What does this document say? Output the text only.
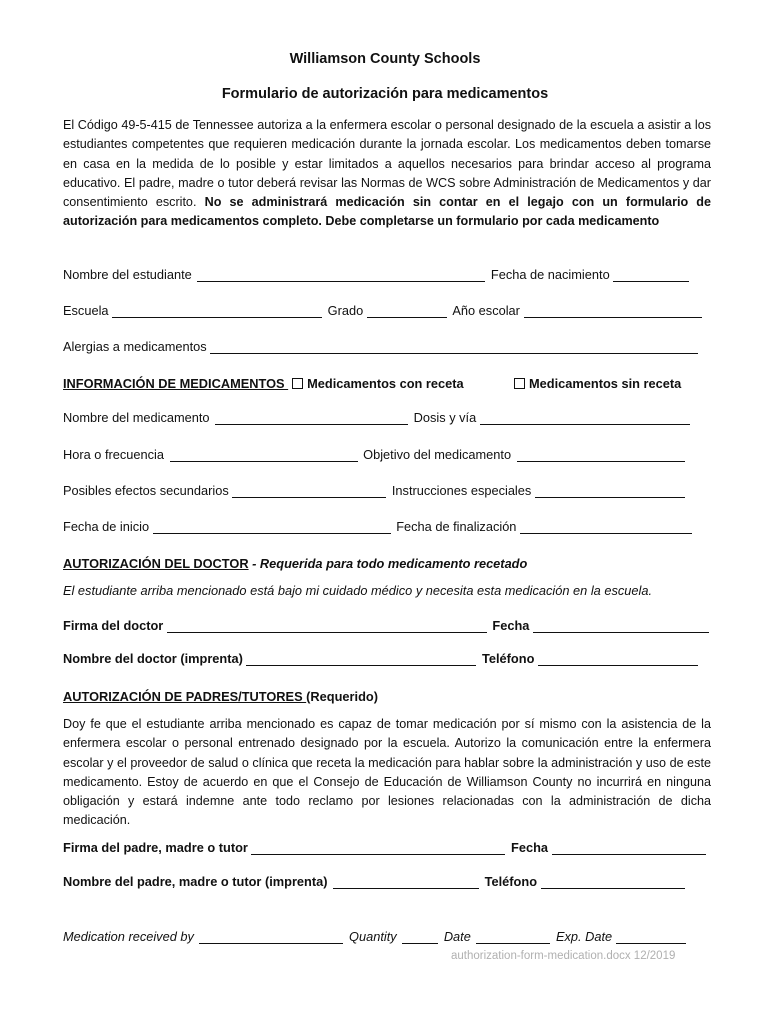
Williamson County Schools
Formulario de autorización para medicamentos
El Código 49-5-415 de Tennessee autoriza a la enfermera escolar o personal designado de la escuela a asistir a los estudiantes competentes que requieren medicación durante la jornada escolar. Los medicamentos deben tomarse en casa en la medida de lo posible y estar limitados a aquellos necesarios para brindar acceso al programa educativo. El padre, madre o tutor deberá revisar las Normas de WCS sobre Administración de Medicamentos y dar consentimiento escrito. No se administrará medicación sin contar en el legajo con un formulario de autorización para medicamentos completo. Debe completarse un formulario por cada medicamento
Nombre del estudiante	Fecha de nacimiento
Escuela	Grado	Año escolar
Alergias a medicamentos
INFORMACIÓN DE MEDICAMENTOS Medicamentos con receta	Medicamentos sin receta
Nombre del medicamento	Dosis y vía
Hora o frecuencia	Objetivo del medicamento
Posibles efectos secundarios	Instrucciones especiales
Fecha de inicio	Fecha de finalización
AUTORIZACIÓN DEL DOCTOR - Requerida para todo medicamento recetado
El estudiante arriba mencionado está bajo mi cuidado médico y necesita esta medicación en la escuela.
Firma del doctor	Fecha
Nombre del doctor (imprenta)	Teléfono
AUTORIZACIÓN DE PADRES/TUTORES (Requerido)
Doy fe que el estudiante arriba mencionado es capaz de tomar medicación por sí mismo con la asistencia de la enfermera escolar o personal entrenado designado por la escuela. Autorizo la comunicación entre la enfermera escolar y el proveedor de salud o clínica que receta la medicación para hablar sobre la administración y uso de este medicamento. Estoy de acuerdo en que el Consejo de Educación de Williamson County no incurrirá en ninguna obligación y estará indemne ante todo reclamo por lesiones relacionadas con la administración de dicha medicación.
Firma del padre, madre o tutor	Fecha
Nombre del padre, madre o tutor (imprenta)	Teléfono
Medication received by	Quantity	Date	Exp. Date
authorization-form-medication.docx 12/2019
